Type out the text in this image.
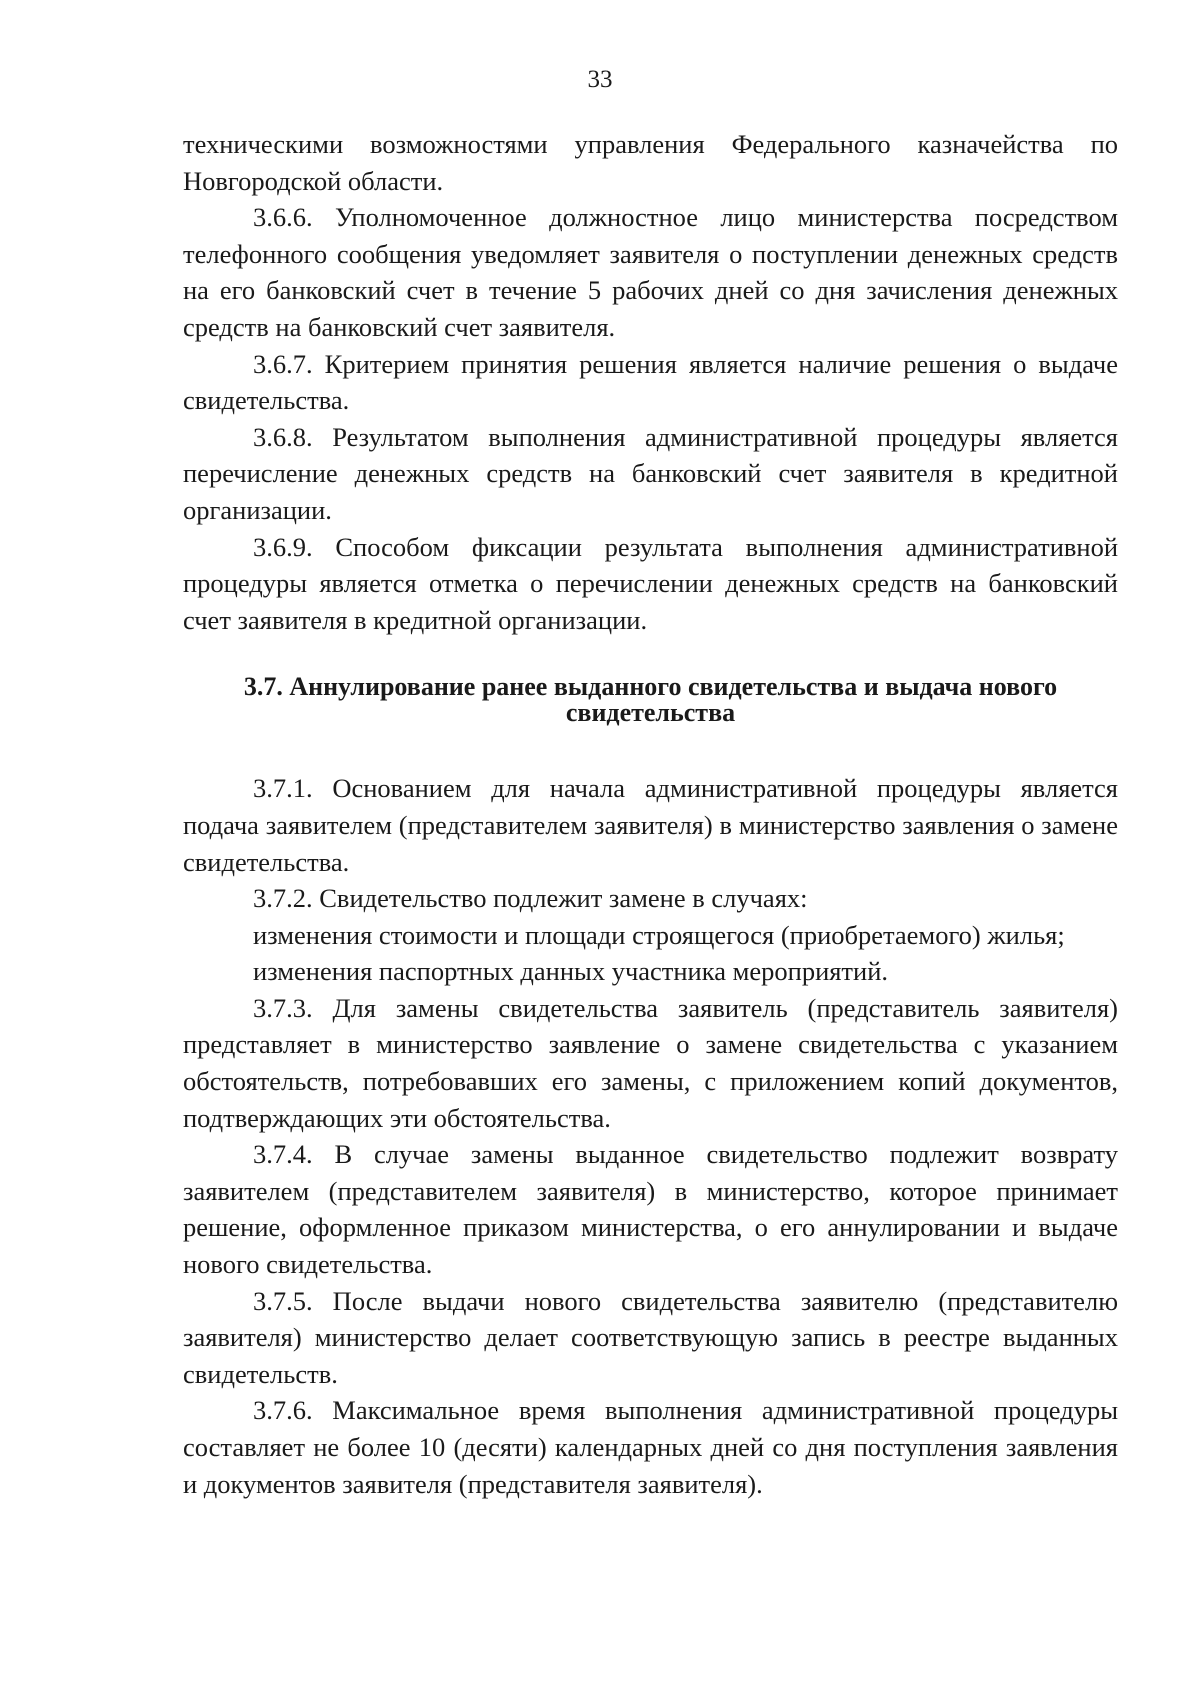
33

техническими возможностями управления Федерального казначейства по Новгородской области.

3.6.6. Уполномоченное должностное лицо министерства посредством телефонного сообщения уведомляет заявителя о поступлении денежных средств на его банковский счет в течение 5 рабочих дней со дня зачисления денежных средств на банковский счет заявителя.

3.6.7. Критерием принятия решения является наличие решения о выдаче свидетельства.

3.6.8. Результатом выполнения административной процедуры является перечисление денежных средств на банковский счет заявителя в кредитной организации.

3.6.9. Способом фиксации результата выполнения административной процедуры является отметка о перечислении денежных средств на банковский счет заявителя в кредитной организации.

3.7. Аннулирование ранее выданного свидетельства и выдача нового
свидетельства

3.7.1. Основанием для начала административной процедуры является подача заявителем (представителем заявителя) в министерство заявления о замене свидетельства.

3.7.2. Свидетельство подлежит замене в случаях:

изменения стоимости и площади строящегося (приобретаемого) жилья;

изменения паспортных данных участника мероприятий.

3.7.3. Для замены свидетельства заявитель (представитель заявителя) представляет в министерство заявление о замене свидетельства с указанием обстоятельств, потребовавших его замены, с приложением копий документов, подтверждающих эти обстоятельства.

3.7.4. В случае замены выданное свидетельство подлежит возврату заявителем (представителем заявителя) в министерство, которое принимает решение, оформленное приказом министерства, о его аннулировании и выдаче нового свидетельства.

3.7.5. После выдачи нового свидетельства заявителю (представителю заявителя) министерство делает соответствующую запись в реестре выданных свидетельств.

3.7.6. Максимальное время выполнения административной процедуры составляет не более 10 (десяти) календарных дней со дня поступления заявления и документов заявителя (представителя заявителя).
